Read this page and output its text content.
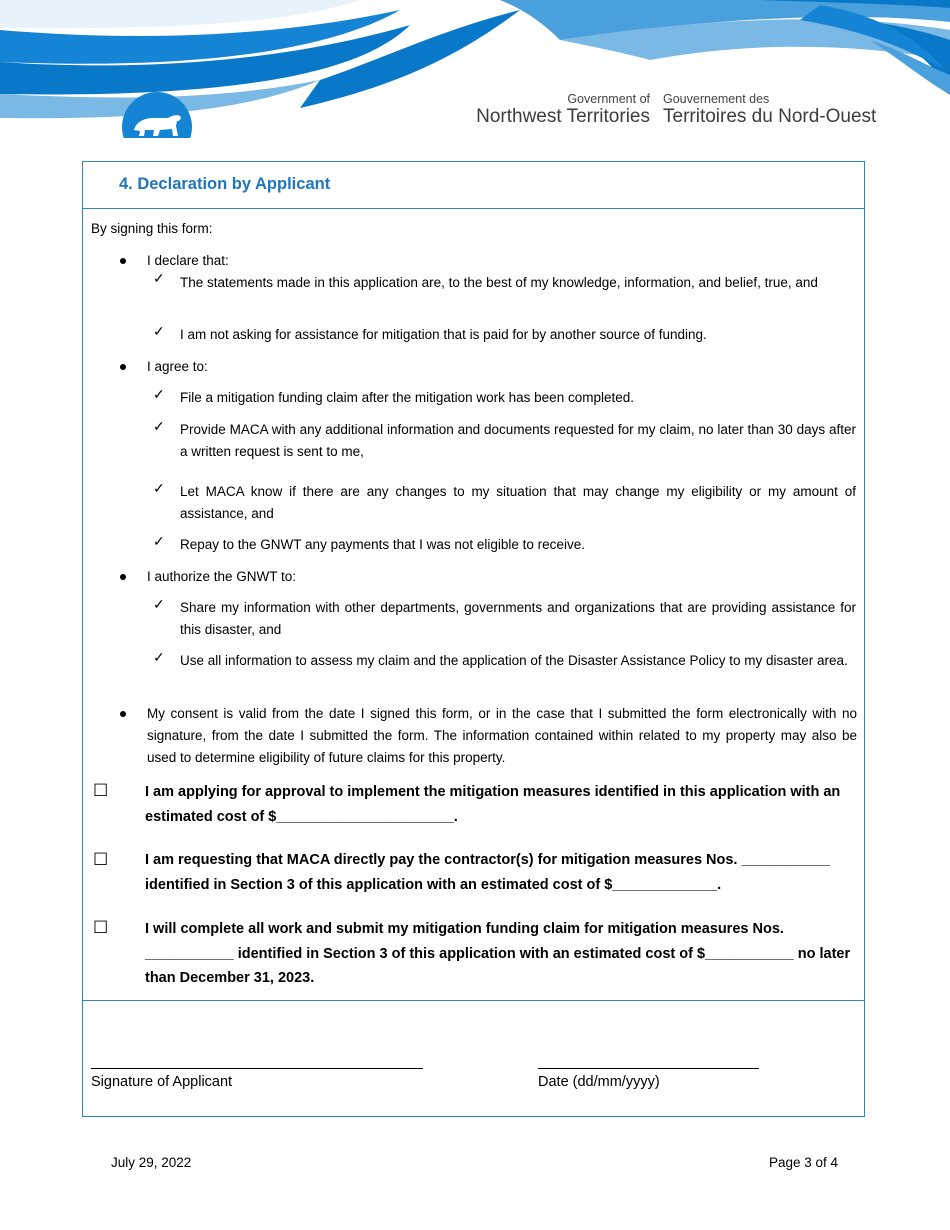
Government of
Northwest Territories
Gouvernement des
Territoires du Nord-Ouest
4. Declaration by Applicant
By signing this form:
I declare that:
✓ The statements made in this application are, to the best of my knowledge, information, and belief, true, and
✓ I am not asking for assistance for mitigation that is paid for by another source of funding.
I agree to:
✓ File a mitigation funding claim after the mitigation work has been completed.
✓ Provide MACA with any additional information and documents requested for my claim, no later than 30 days after a written request is sent to me,
✓ Let MACA know if there are any changes to my situation that may change my eligibility or my amount of assistance, and
✓ Repay to the GNWT any payments that I was not eligible to receive.
I authorize the GNWT to:
✓ Share my information with other departments, governments and organizations that are providing assistance for this disaster, and
✓ Use all information to assess my claim and the application of the Disaster Assistance Policy to my disaster area.
My consent is valid from the date I signed this form, or in the case that I submitted the form electronically with no signature, from the date I submitted the form. The information contained within related to my property may also be used to determine eligibility of future claims for this property.
☐	I am applying for approval to implement the mitigation measures identified in this application with an estimated cost of $______________________.
☐	I am requesting that MACA directly pay the contractor(s) for mitigation measures Nos. ___________ identified in Section 3 of this application with an estimated cost of $_____________.
☐	I will complete all work and submit my mitigation funding claim for mitigation measures Nos. ___________ identified in Section 3 of this application with an estimated cost of $___________ no later than December 31, 2023.
Signature of Applicant	Date (dd/mm/yyyy)
July 29, 2022	Page 3 of 4
